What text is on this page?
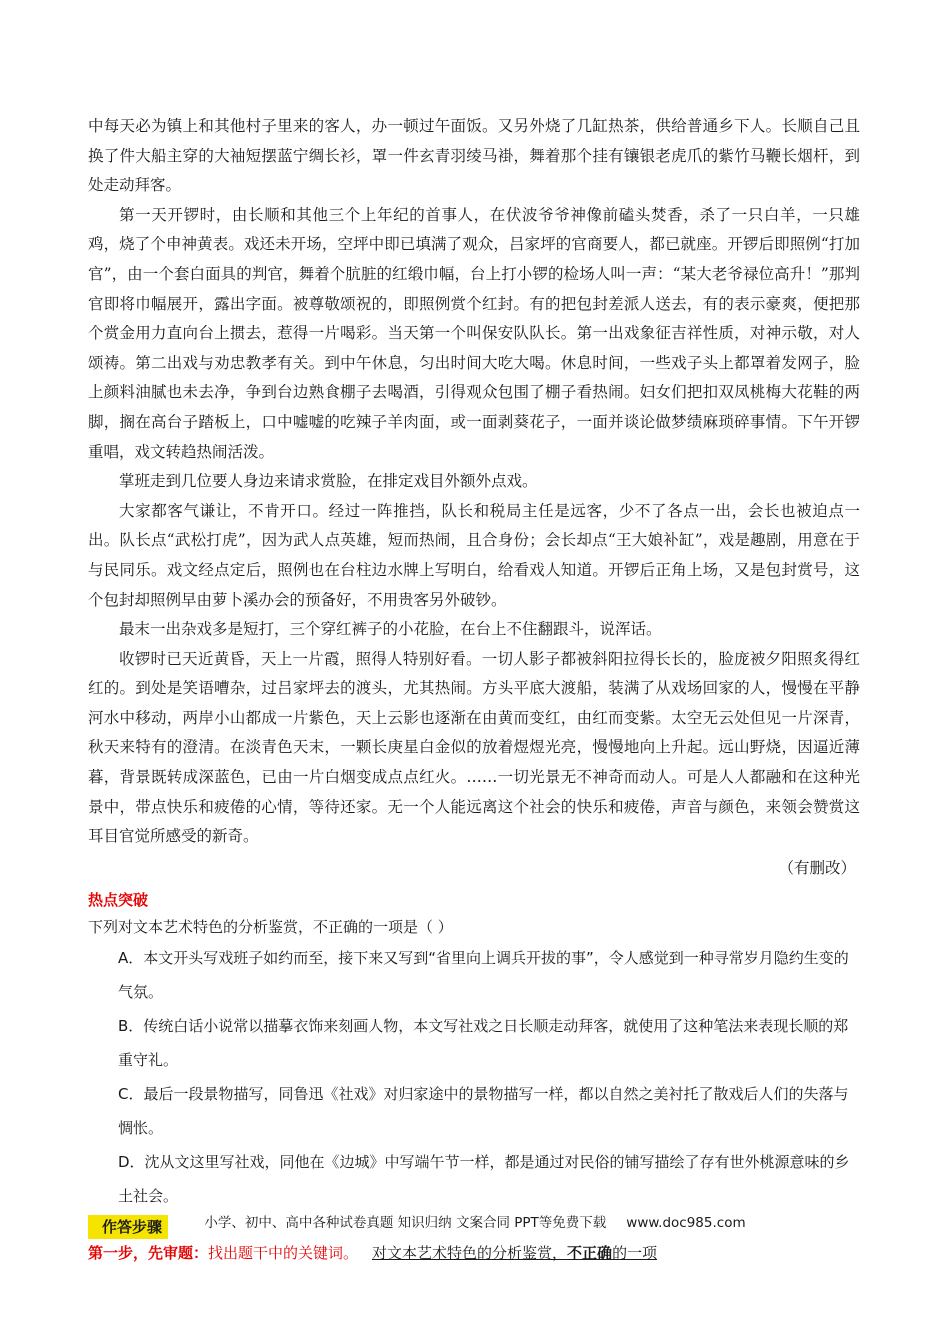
中每天必为镇上和其他村子里来的客人，办一顿过午面饭。又另外烧了几缸热茶，供给普通乡下人。长顺自己且换了件大船主穿的大袖短摆蓝宁绸长衫，罩一件玄青羽绫马褂，舞着那个挂有镶银老虎爪的紫竹马鞭长烟杆，到处走动拜客。

第一天开锣时，由长顺和其他三个上年纪的首事人，在伏波爷爷神像前磕头焚香，杀了一只白羊，一只雄鸡，烧了个申神黄表。戏还未开场，空坪中即已填满了观众，吕家坪的官商要人，都已就座。开锣后即照例“打加官”，由一个套白面具的判官，舞着个肮脏的红缎巾幅，台上打小锣的检场人叫一声：“某大老爷禄位高升！”那判官即将巾幅展开，露出字面。被尊敬颂祝的，即照例赏个红封。有的把包封差派人送去，有的表示豪爽，便把那个赏金用力直向台上掼去，惹得一片喝彩。当天第一个叫保安队队长。第一出戏象征吉祥性质，对神示敬，对人颂祷。第二出戏与劝忠教孝有关。到中午休息，匀出时间大吃大喝。休息时间，一些戏子头上都罩着发网子，脸上颜料油腻也未去净，争到台边熟食棚子去喝酒，引得观众包围了棚子看热闹。妇女们把扣双凤桃梅大花鞋的两脚，搁在高台子踏板上，口中嘘嘘的吃辣子羊肉面，或一面剥葵花子，一面并谈论做梦绩麻琐碎事情。下午开锣重唱，戏文转趋热闹活泼。

掌班走到几位要人身边来请求赏脸，在排定戏目外额外点戏。

大家都客气谦让，不肯开口。经过一阵推挡，队长和税局主任是远客，少不了各点一出，会长也被迫点一出。队长点“武松打虎”，因为武人点英雄，短而热闹，且合身份；会长却点“王大娘补缸”，戏是趣剧，用意在于与民同乐。戏文经点定后，照例也在台柱边水牌上写明白，给看戏人知道。开锣后正角上场，又是包封赏号，这个包封却照例早由萝卜溪办会的预备好，不用贵客另外破钞。

最末一出杂戏多是短打，三个穿红裤子的小花脸，在台上不住翻跟斗，说浑话。

收锣时已天近黄昏，天上一片霞，照得人特别好看。一切人影子都被斜阳拉得长长的，脸庞被夕阳照炙得红红的。到处是笑语嘈杂，过吕家坪去的渡头，尤其热闹。方头平底大渡船，装满了从戏场回家的人，慢慢在平静河水中移动，两岸小山都成一片紫色，天上云影也逐渐在由黄而变红，由红而变紫。太空无云处但见一片深青，秋天来特有的澄清。在淡青色天末，一颗长庚星白金似的放着煜煜光亮，慢慢地向上升起。远山野烧，因逼近薄暮，背景既转成深蓝色，已由一片白烟变成点点红火。……一切光景无不神奇而动人。可是人人都融和在这种光景中，带点快乐和疲倦的心情，等待还家。无一个人能远离这个社会的快乐和疲倦，声音与颜色，来领会赞赏这耳目官觉所感受的新奇。

（有删改）
热点突破
下列对文本艺术特色的分析鉴赏，不正确的一项是（ ）
A．本文开头写戏班子如约而至，接下来又写到“省里向上调兵开拔的事”，令人感觉到一种寻常岁月隐约生变的气氛。
B．传统白话小说常以描摹衣饰来刻画人物，本文写社戏之日长顺走动拜客，就使用了这种笔法来表现长顺的郑重守礼。
C．最后一段景物描写，同鲁迅《社戏》对归家途中的景物描写一样，都以自然之美衬托了散戏后人们的失落与惆怅。
D．沈从文这里写社戏，同他在《边城》中写端午节一样，都是通过对民俗的铺写描绘了存有世外桃源意味的乡土社会。
作答步骤
第一步，先审题：找出题干中的关键词。 对文本艺术特色的分析鉴赏，不正确的一项
小学、初中、高中各种试卷真题 知识归纳 文案合同 PPT等免费下载 www.doc985.com
